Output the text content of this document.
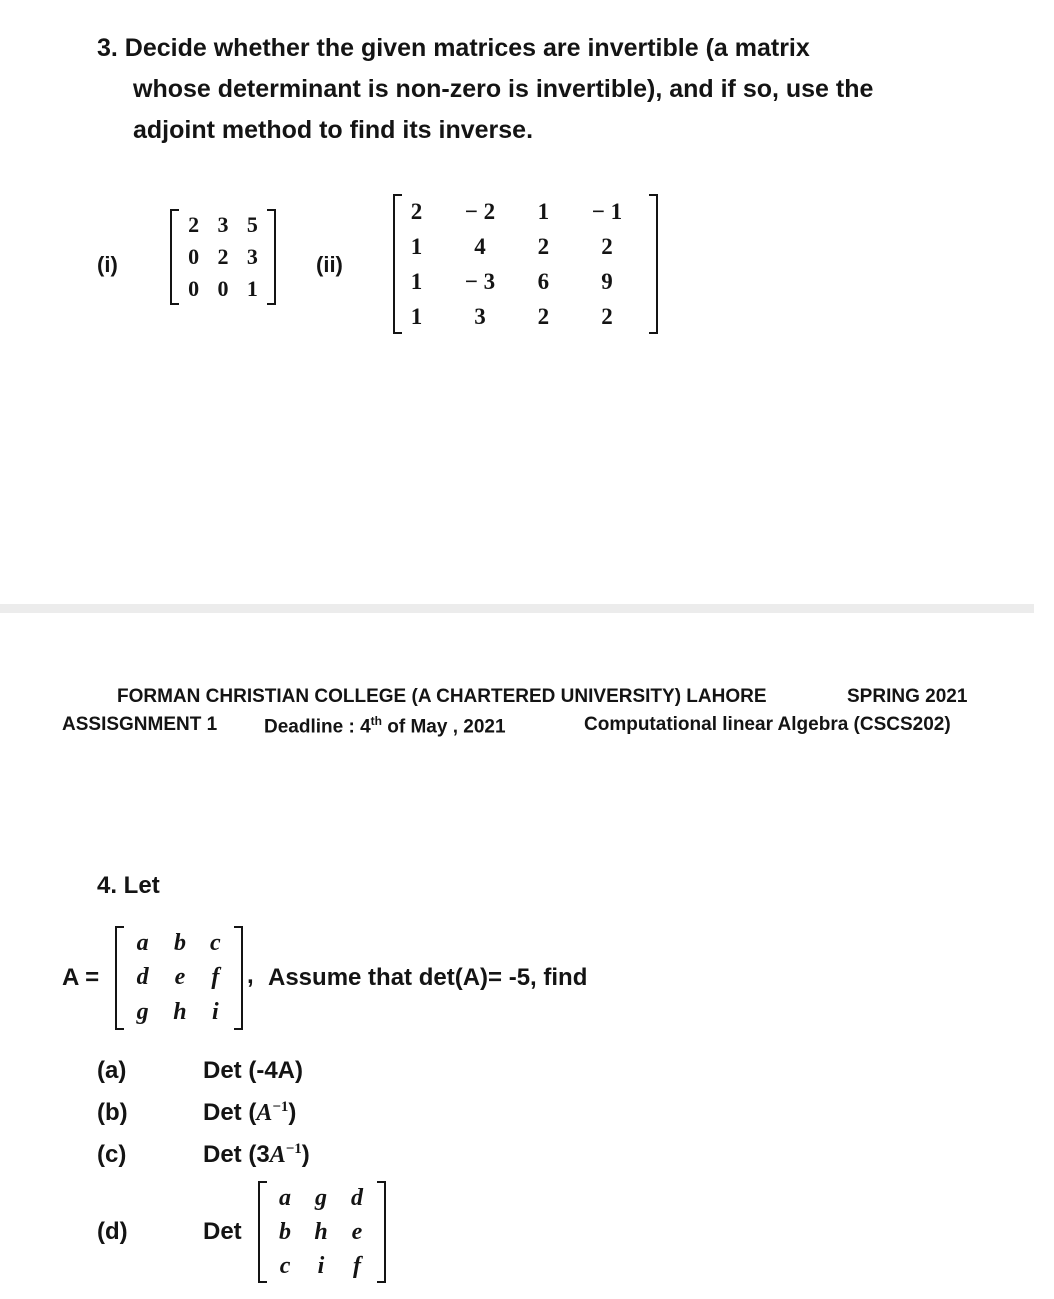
3. Decide whether the given matrices are invertible (a matrix
whose determinant is non-zero is invertible), and if so, use the
adjoint method to find its inverse.
(i)
2	3	5
0	2	3
0	0	1
(ii)
2	− 2	1	− 1
1	4	2	2
1	− 3	6	9
1	3	2	2
FORMAN CHRISTIAN COLLEGE (A CHARTERED UNIVERSITY) LAHORE	SPRING 2021
ASSISGNMENT 1 Deadline : 4th of May , 2021	Computational linear Algebra (CSCS202)
4. Let
A =
a	b	c
d	e	f
g	h	i
, Assume that det(A)= -5, find
(a)	Det (-4A)
(b)	Det $(A^{-1})$
(c)	Det $(3A^{-1})$
(d)	Det
a	g	d
b	h	e
c	i	f
